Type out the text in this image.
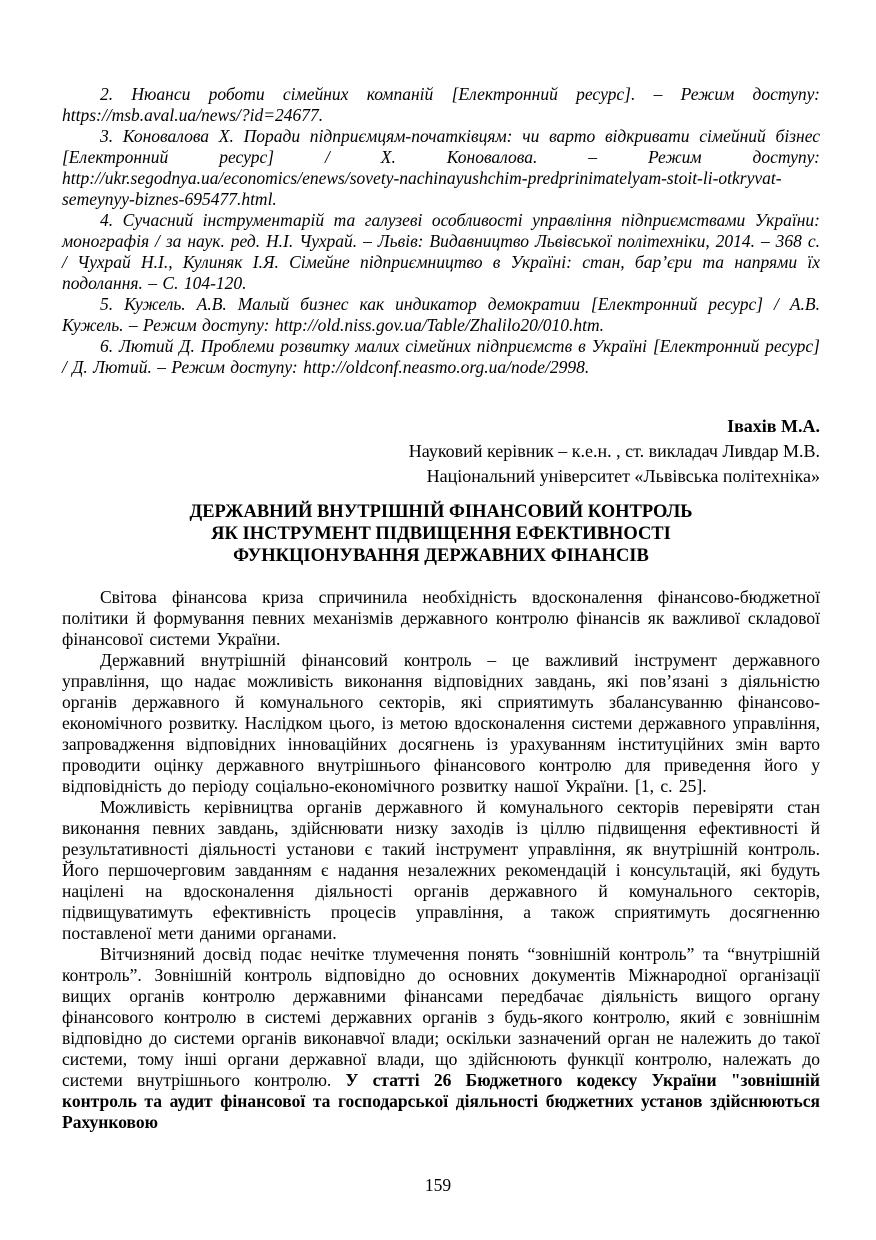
2. Нюанси роботи сімейних компаній [Електронний ресурс]. – Режим доступу: https://msb.aval.ua/news/?id=24677.

3. Коновалова Х. Поради підприємцям-початківцям: чи варто відкривати сімейний бізнес [Електронний ресурс] / Х. Коновалова. – Режим доступу: http://ukr.segodnya.ua/economics/enews/sovety-nachinayushchim-predprinimatelyam-stoit-li-otkryvat-semeynyy-biznes-695477.html.

4. Сучасний інструментарій та галузеві особливості управління підприємствами України: монографія / за наук. ред. Н.І. Чухрай. – Львів: Видавництво Львівської політехніки, 2014. – 368 с. / Чухрай Н.І., Кулиняк І.Я. Сімейне підприємництво в Україні: стан, бар’єри та напрями їх подолання. – С. 104-120.

5. Кужель. А.В. Малый бизнес как индикатор демократии [Електронний ресурс] / А.В. Кужель. – Режим доступу: http://old.niss.gov.ua/Table/Zhalilo20/010.htm.

6. Лютий Д. Проблеми розвитку малих сімейних підприємств в Україні [Електронний ресурс] / Д. Лютий. – Режим доступу: http://oldconf.neasmo.org.ua/node/2998.

Івахів М.А.

Науковий керівник – к.е.н. , ст. викладач Ливдар М.В.

Національний університет «Львівська політехніка»

ДЕРЖАВНИЙ ВНУТРІШНІЙ ФІНАНСОВИЙ КОНТРОЛЬ
ЯК ІНСТРУМЕНТ ПІДВИЩЕННЯ ЕФЕКТИВНОСТІ
ФУНКЦІОНУВАННЯ ДЕРЖАВНИХ ФІНАНСІВ

Світова фінансова криза спричинила необхідність вдосконалення фінансово-бюджетної політики й формування певних механізмів державного контролю фінансів як важливої складової фінансової системи України.

Державний внутрішній фінансовий контроль – це важливий інструмент державного управління, що надає можливість виконання відповідних завдань, які пов’язані з діяльністю органів державного й комунального секторів, які сприятимуть збалансуванню фінансово-економічного розвитку. Наслідком цього, із метою вдосконалення системи державного управління, запровадження відповідних інноваційних досягнень із урахуванням інституційних змін варто проводити оцінку державного внутрішнього фінансового контролю для приведення його у відповідність до періоду соціально-економічного розвитку нашої України. [1, с. 25].

Можливість керівництва органів державного й комунального секторів перевіряти стан виконання певних завдань, здійснювати низку заходів із ціллю підвищення ефективності й результативності діяльності установи є такий інструмент управління, як внутрішній контроль. Його першочерговим завданням є надання незалежних рекомендацій і консультацій, які будуть націлені на вдосконалення діяльності органів державного й комунального секторів, підвищуватимуть ефективність процесів управління, а також сприятимуть досягненню поставленої мети даними органами.

Вітчизняний досвід подає нечітке тлумечення понять “зовнішній контроль” та “внутрішній контроль”. Зовнішній контроль відповідно до основних документів Міжнародної організації вищих органів контролю державними фінансами передбачає діяльність вищого органу фінансового контролю в системі державних органів з будь-якого контролю, який є зовнішнім відповідно до системи органів виконавчої влади; оскільки зазначений орган не належить до такої системи, тому інші органи державної влади, що здійснюють функції контролю, належать до системи внутрішнього контролю. У статті 26 Бюджетного кодексу України "зовнішній контроль та аудит фінансової та господарської діяльності бюджетних установ здійснюються Рахунковою

159
